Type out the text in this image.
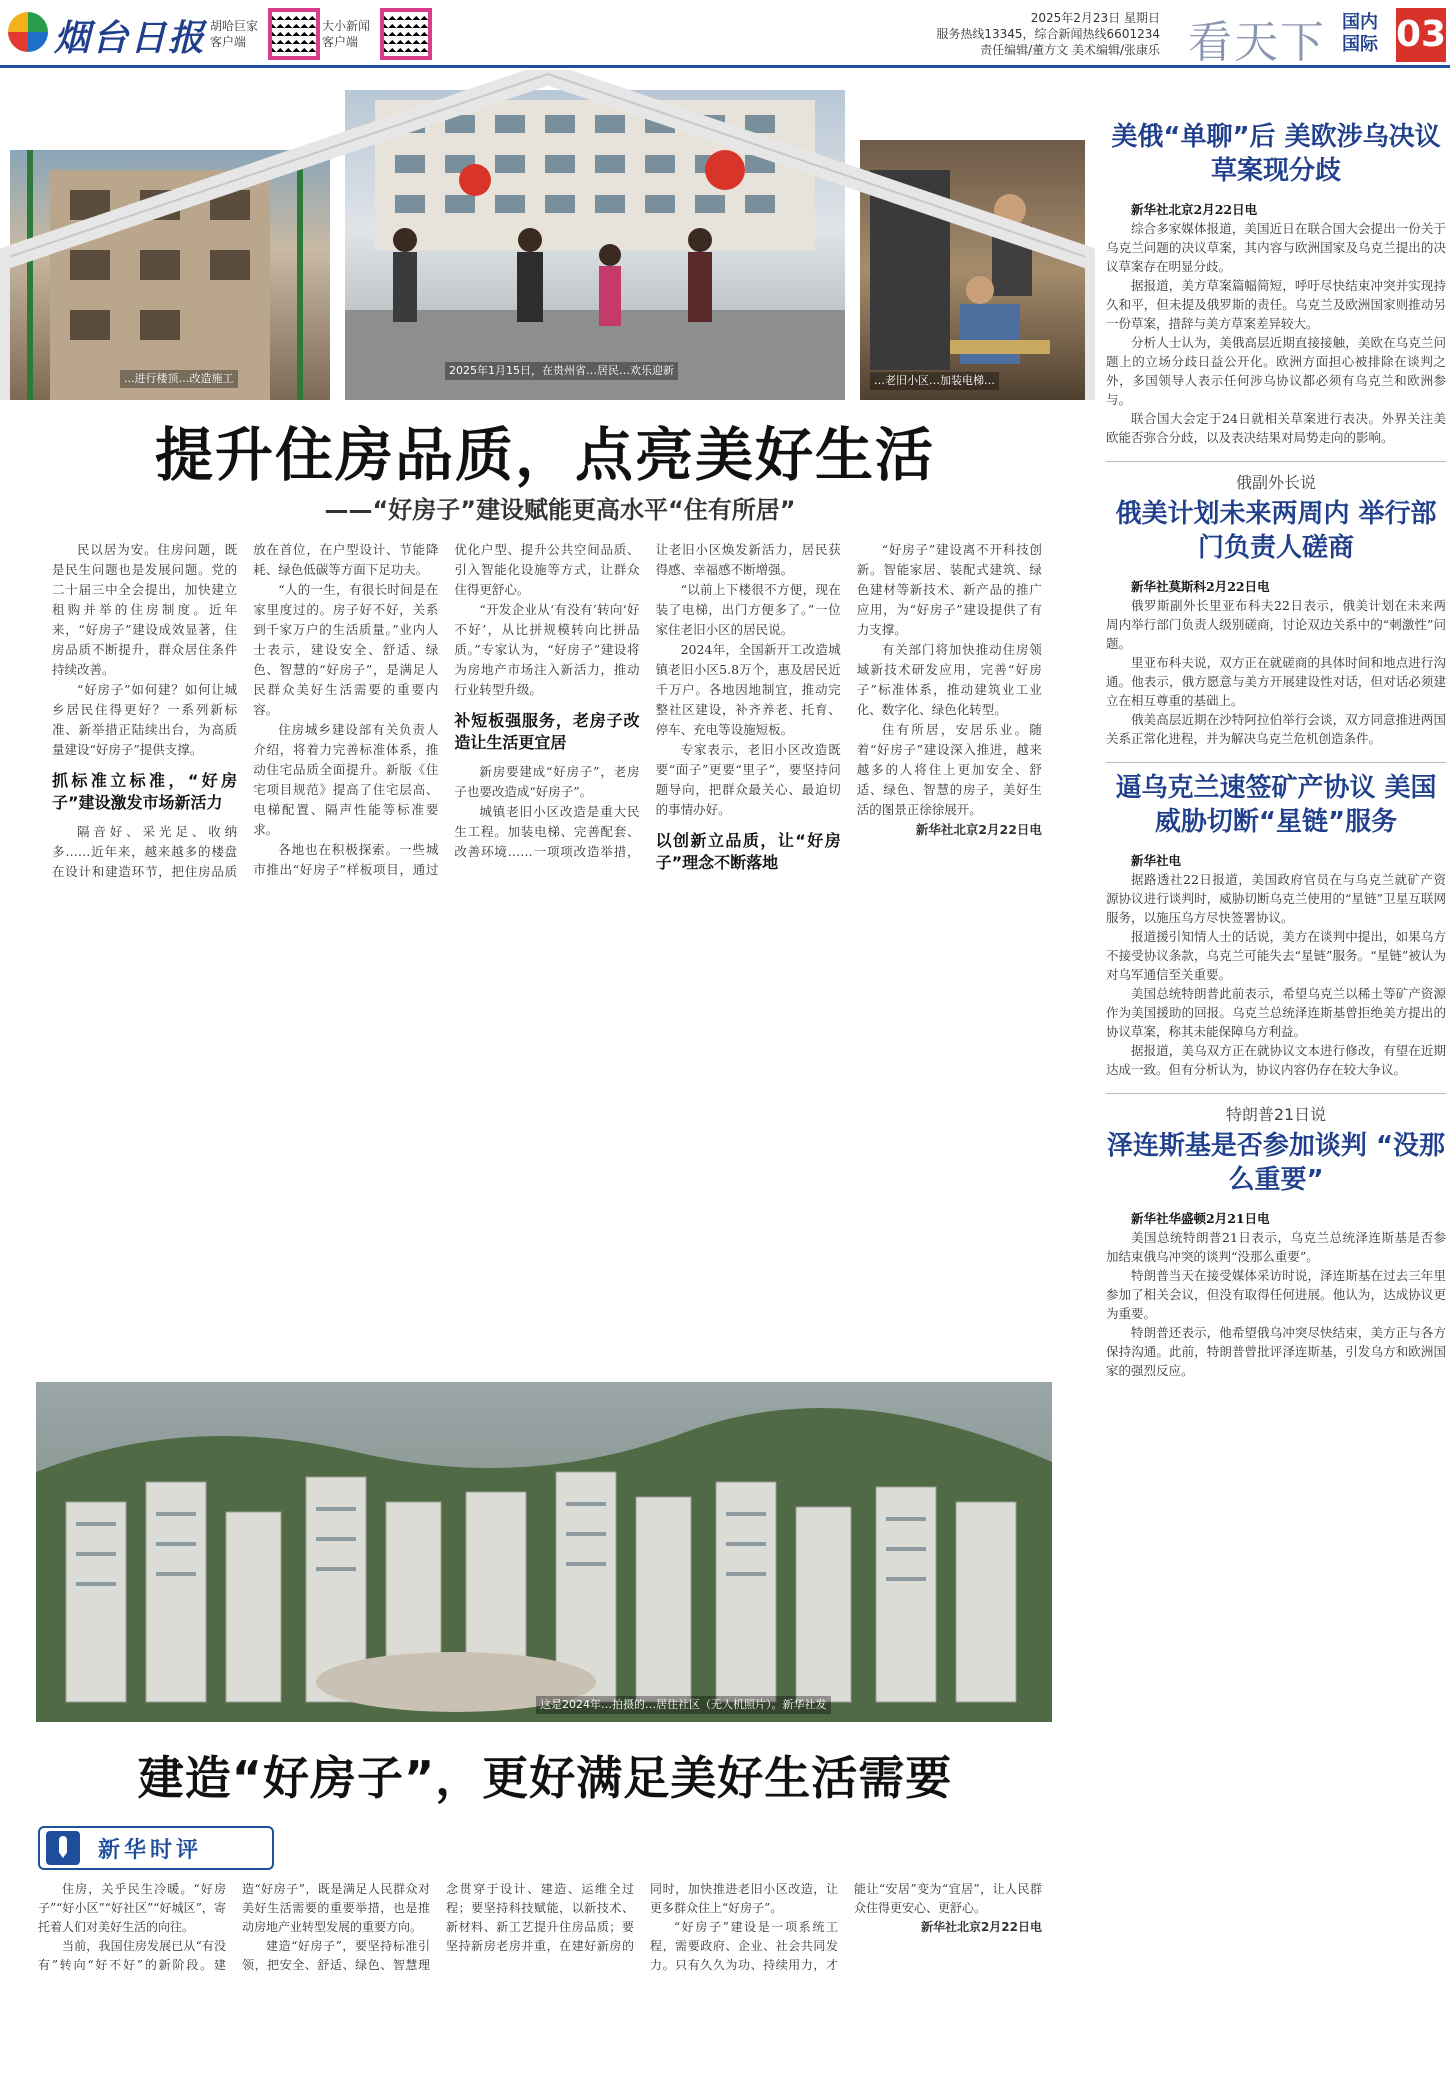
烟台日报 胡哈巨家 客户端
大小新闻 客户端
2025年2月23日 星期日
服务热线13345，综合新闻热线6601234
责任编辑/董方文 美术编辑/张康乐 看天下 国内
国际 03
...进行楼顶…改造施工
2025年1月15日，在贵州省…居民…欢乐迎新
…老旧小区…加装电梯…
提升住房品质，点亮美好生活
——“好房子”建设赋能更高水平“住有所居”

民以居为安。住房问题，既是民生问题也是发展问题。党的二十届三中全会提出，加快建立租购并举的住房制度。近年来，“好房子”建设成效显著，住房品质不断提升，群众居住条件持续改善。

“好房子”如何建？如何让城乡居民住得更好？一系列新标准、新举措正陆续出台，为高质量建设“好房子”提供支撑。

抓标准立标准，“好房子”建设激发市场新活力

隔音好、采光足、收纳多……近年来，越来越多的楼盘在设计和建造环节，把住房品质放在首位，在户型设计、节能降耗、绿色低碳等方面下足功夫。

“人的一生，有很长时间是在家里度过的。房子好不好，关系到千家万户的生活质量。”业内人士表示，建设安全、舒适、绿色、智慧的“好房子”，是满足人民群众美好生活需要的重要内容。

住房城乡建设部有关负责人介绍，将着力完善标准体系，推动住宅品质全面提升。新版《住宅项目规范》提高了住宅层高、电梯配置、隔声性能等标准要求。

各地也在积极探索。一些城市推出“好房子”样板项目，通过优化户型、提升公共空间品质、引入智能化设施等方式，让群众住得更舒心。

“开发企业从‘有没有’转向‘好不好’，从比拼规模转向比拼品质。”专家认为，“好房子”建设将为房地产市场注入新活力，推动行业转型升级。

补短板强服务，老房子改造让生活更宜居

新房要建成“好房子”，老房子也要改造成“好房子”。

城镇老旧小区改造是重大民生工程。加装电梯、完善配套、改善环境……一项项改造举措，让老旧小区焕发新活力，居民获得感、幸福感不断增强。

“以前上下楼很不方便，现在装了电梯，出门方便多了。”一位家住老旧小区的居民说。

2024年，全国新开工改造城镇老旧小区5.8万个，惠及居民近千万户。各地因地制宜，推动完整社区建设，补齐养老、托育、停车、充电等设施短板。

专家表示，老旧小区改造既要“面子”更要“里子”，要坚持问题导向，把群众最关心、最迫切的事情办好。

以创新立品质，让“好房子”理念不断落地

“好房子”建设离不开科技创新。智能家居、装配式建筑、绿色建材等新技术、新产品的推广应用，为“好房子”建设提供了有力支撑。

有关部门将加快推动住房领域新技术研发应用，完善“好房子”标准体系，推动建筑业工业化、数字化、绿色化转型。

住有所居，安居乐业。随着“好房子”建设深入推进，越来越多的人将住上更加安全、舒适、绿色、智慧的房子，美好生活的图景正徐徐展开。

新华社北京2月22日电

这是2024年…拍摄的…居住社区（无人机照片）。新华社发
建造“好房子”，更好满足美好生活需要
新华时评

住房，关乎民生冷暖。“好房子”“好小区”“好社区”“好城区”，寄托着人们对美好生活的向往。

当前，我国住房发展已从“有没有”转向“好不好”的新阶段。建造“好房子”，既是满足人民群众对美好生活需要的重要举措，也是推动房地产业转型发展的重要方向。

建造“好房子”，要坚持标准引领，把安全、舒适、绿色、智慧理念贯穿于设计、建造、运维全过程；要坚持科技赋能，以新技术、新材料、新工艺提升住房品质；要坚持新房老房并重，在建好新房的同时，加快推进老旧小区改造，让更多群众住上“好房子”。

“好房子”建设是一项系统工程，需要政府、企业、社会共同发力。只有久久为功、持续用力，才能让“安居”变为“宜居”，让人民群众住得更安心、更舒心。

新华社北京2月22日电

美俄“单聊”后 美欧涉乌决议草案现分歧

新华社北京2月22日电

综合多家媒体报道，美国近日在联合国大会提出一份关于乌克兰问题的决议草案，其内容与欧洲国家及乌克兰提出的决议草案存在明显分歧。

据报道，美方草案篇幅简短，呼吁尽快结束冲突并实现持久和平，但未提及俄罗斯的责任。乌克兰及欧洲国家则推动另一份草案，措辞与美方草案差异较大。

分析人士认为，美俄高层近期直接接触，美欧在乌克兰问题上的立场分歧日益公开化。欧洲方面担心被排除在谈判之外，多国领导人表示任何涉乌协议都必须有乌克兰和欧洲参与。

联合国大会定于24日就相关草案进行表决。外界关注美欧能否弥合分歧，以及表决结果对局势走向的影响。

俄副外长说
俄美计划未来两周内 举行部门负责人磋商

新华社莫斯科2月22日电

俄罗斯副外长里亚布科夫22日表示，俄美计划在未来两周内举行部门负责人级别磋商，讨论双边关系中的“刺激性”问题。

里亚布科夫说，双方正在就磋商的具体时间和地点进行沟通。他表示，俄方愿意与美方开展建设性对话，但对话必须建立在相互尊重的基础上。

俄美高层近期在沙特阿拉伯举行会谈，双方同意推进两国关系正常化进程，并为解决乌克兰危机创造条件。

逼乌克兰速签矿产协议 美国威胁切断“星链”服务

新华社电

据路透社22日报道，美国政府官员在与乌克兰就矿产资源协议进行谈判时，威胁切断乌克兰使用的“星链”卫星互联网服务，以施压乌方尽快签署协议。

报道援引知情人士的话说，美方在谈判中提出，如果乌方不接受协议条款，乌克兰可能失去“星链”服务。“星链”被认为对乌军通信至关重要。

美国总统特朗普此前表示，希望乌克兰以稀土等矿产资源作为美国援助的回报。乌克兰总统泽连斯基曾拒绝美方提出的协议草案，称其未能保障乌方利益。

据报道，美乌双方正在就协议文本进行修改，有望在近期达成一致。但有分析认为，协议内容仍存在较大争议。

特朗普21日说
泽连斯基是否参加谈判 “没那么重要”

新华社华盛顿2月21日电

美国总统特朗普21日表示，乌克兰总统泽连斯基是否参加结束俄乌冲突的谈判“没那么重要”。

特朗普当天在接受媒体采访时说，泽连斯基在过去三年里参加了相关会议，但没有取得任何进展。他认为，达成协议更为重要。

特朗普还表示，他希望俄乌冲突尽快结束，美方正与各方保持沟通。此前，特朗普曾批评泽连斯基，引发乌方和欧洲国家的强烈反应。
